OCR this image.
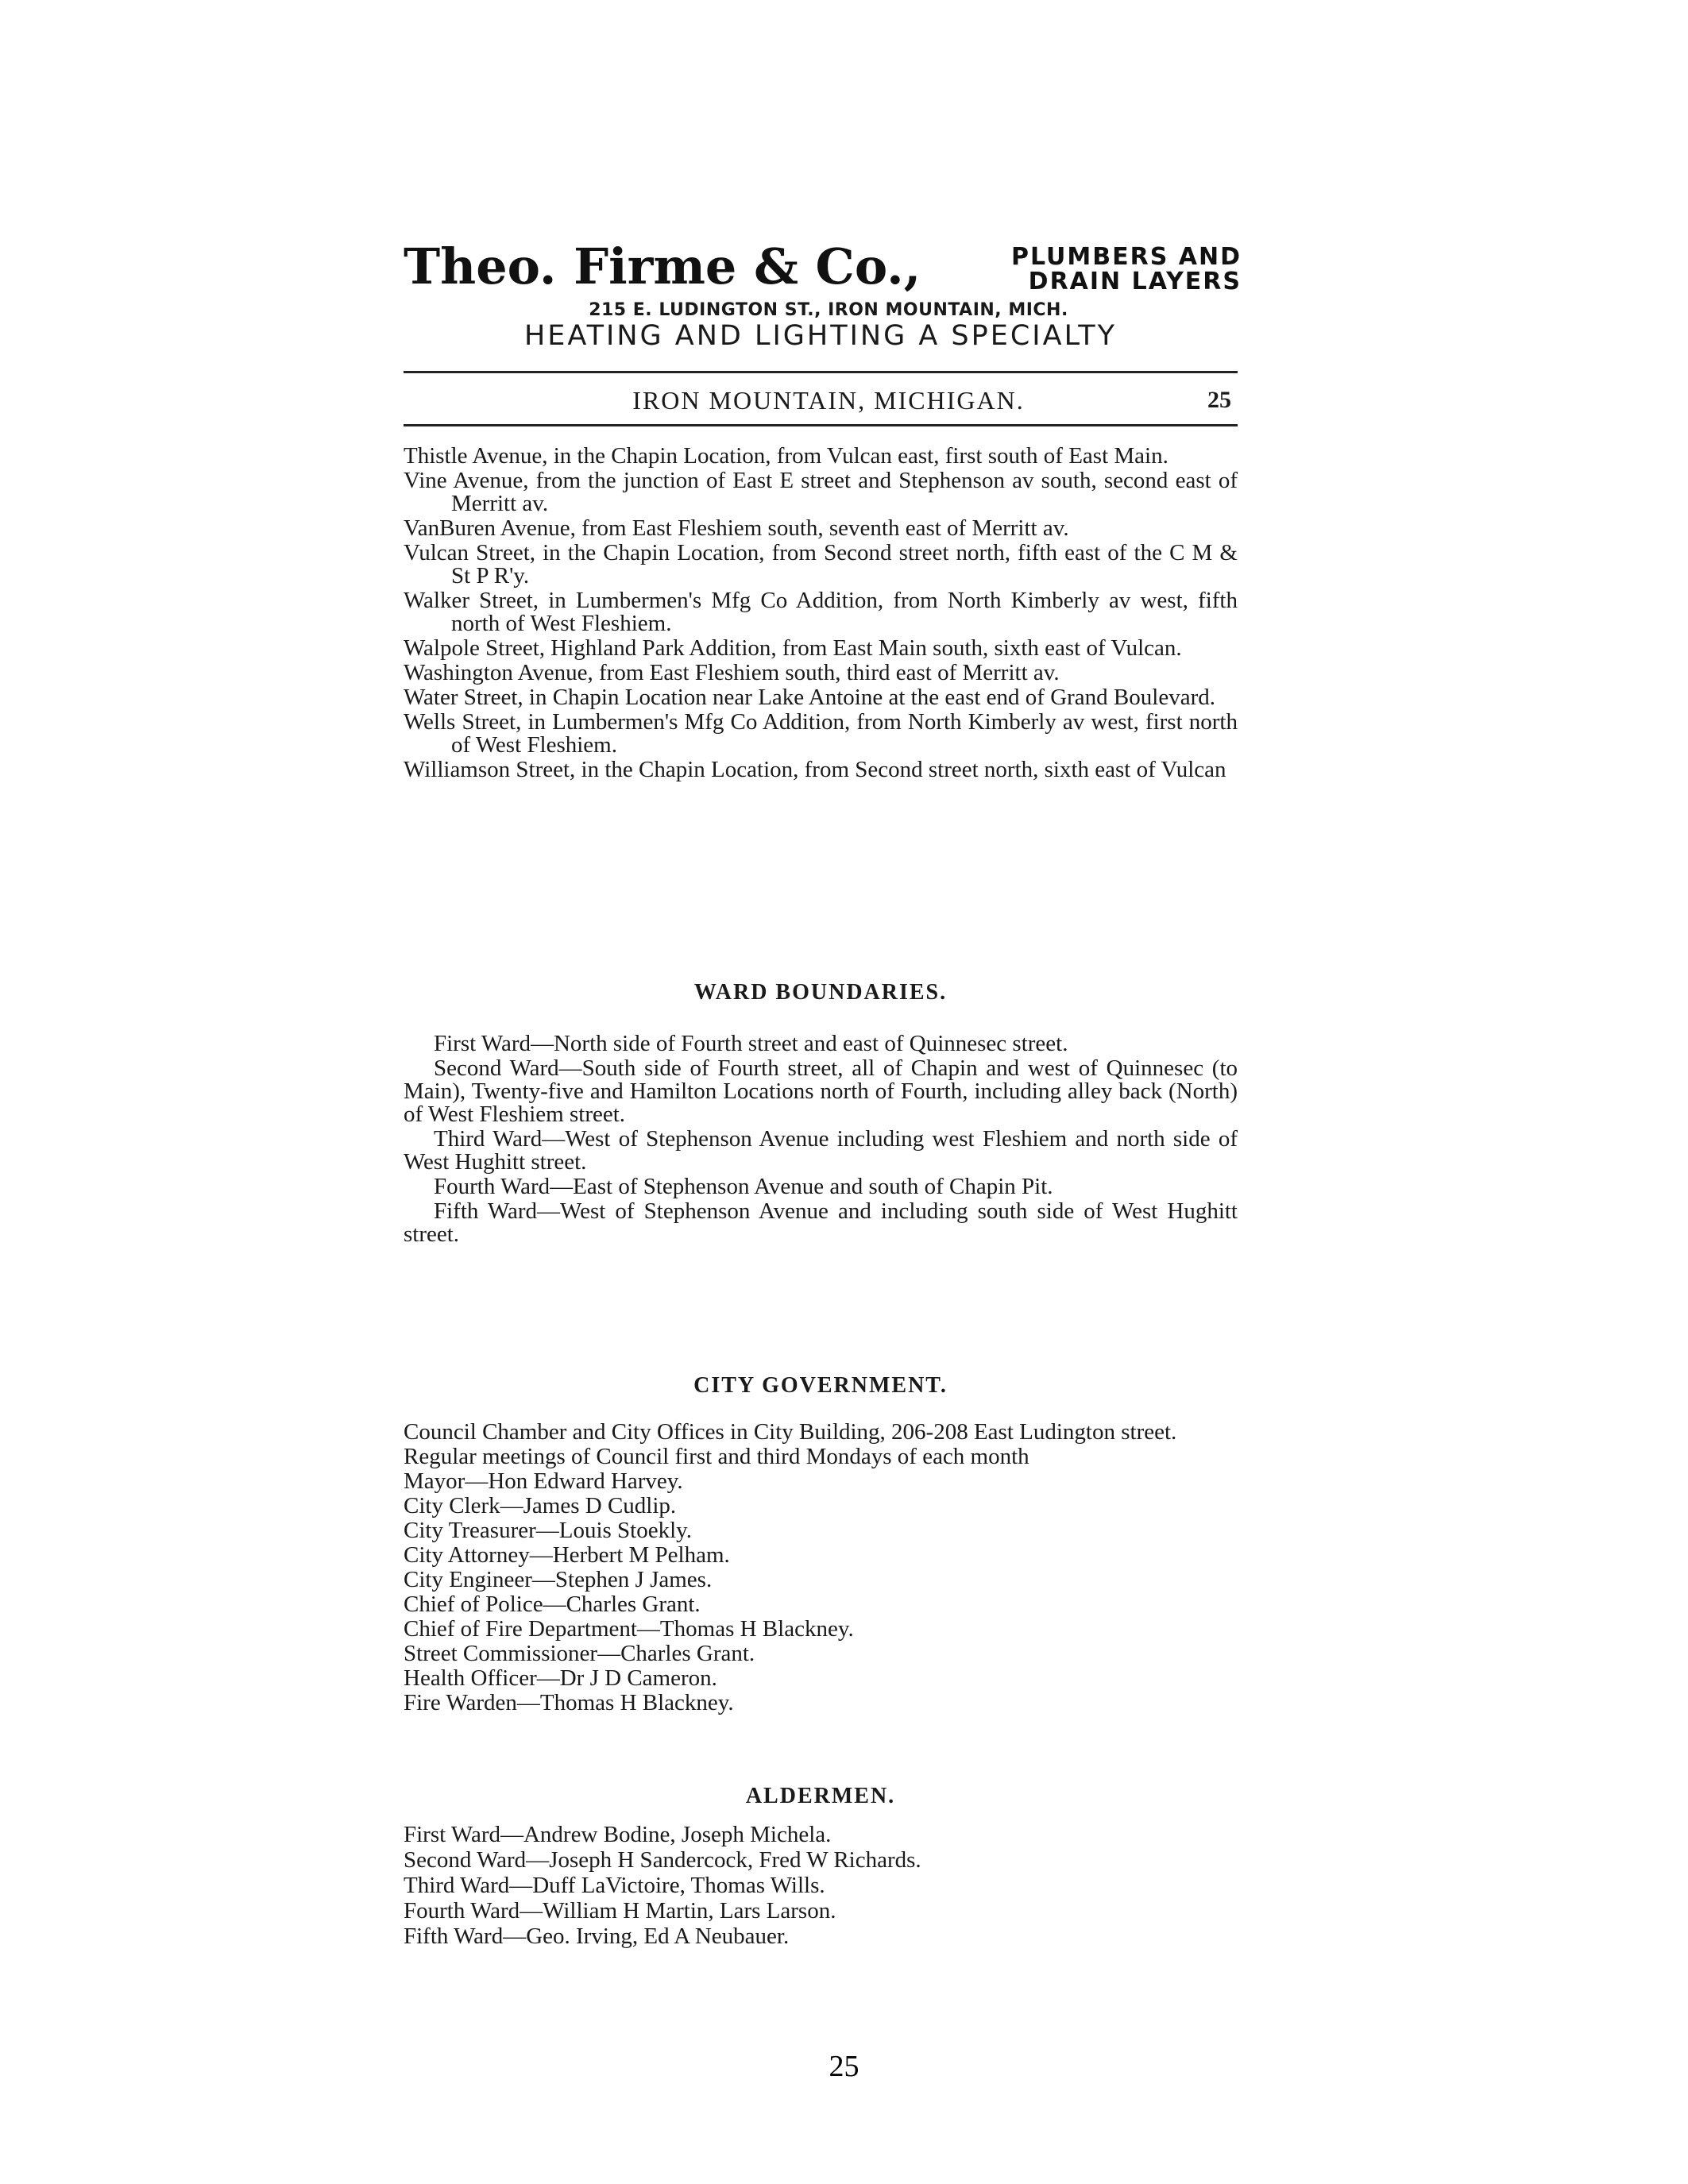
Theo. Firme & Co.,	PLUMBERS AND
DRAIN LAYERS
215 E. LUDINGTON ST., IRON MOUNTAIN, MICH.
HEATING AND LIGHTING A SPECIALTY
IRON MOUNTAIN, MICHIGAN.	25

Thistle Avenue, in the Chapin Location, from Vulcan east, first south of East Main.

Vine Avenue, from the junction of East E street and Stephenson av south, second east of Merritt av.

VanBuren Avenue, from East Fleshiem south, seventh east of Merritt av.

Vulcan Street, in the Chapin Location, from Second street north, fifth east of the C M & St P R'y.

Walker Street, in Lumbermen's Mfg Co Addition, from North Kimberly av west, fifth north of West Fleshiem.

Walpole Street, Highland Park Addition, from East Main south, sixth east of Vulcan.

Washington Avenue, from East Fleshiem south, third east of Merritt av.

Water Street, in Chapin Location near Lake Antoine at the east end of Grand Boulevard.

Wells Street, in Lumbermen's Mfg Co Addition, from North Kimberly av west, first north of West Fleshiem.

Williamson Street, in the Chapin Location, from Second street north, sixth east of Vulcan

WARD BOUNDARIES.

First Ward—North side of Fourth street and east of Quinnesec street.

Second Ward—South side of Fourth street, all of Chapin and west of Quinnesec (to Main), Twenty-five and Hamilton Locations north of Fourth, including alley back (North) of West Fleshiem street.

Third Ward—West of Stephenson Avenue including west Fleshiem and north side of West Hughitt street.

Fourth Ward—East of Stephenson Avenue and south of Chapin Pit.

Fifth Ward—West of Stephenson Avenue and including south side of West Hughitt street.

CITY GOVERNMENT.

Council Chamber and City Offices in City Building, 206-208 East Ludington street.

Regular meetings of Council first and third Mondays of each month

Mayor—Hon Edward Harvey.

City Clerk—James D Cudlip.

City Treasurer—Louis Stoekly.

City Attorney—Herbert M Pelham.

City Engineer—Stephen J James.

Chief of Police—Charles Grant.

Chief of Fire Department—Thomas H Blackney.

Street Commissioner—Charles Grant.

Health Officer—Dr J D Cameron.

Fire Warden—Thomas H Blackney.

ALDERMEN.

First Ward—Andrew Bodine, Joseph Michela.

Second Ward—Joseph H Sandercock, Fred W Richards.

Third Ward—Duff LaVictoire, Thomas Wills.

Fourth Ward—William H Martin, Lars Larson.

Fifth Ward—Geo. Irving, Ed A Neubauer.

25
